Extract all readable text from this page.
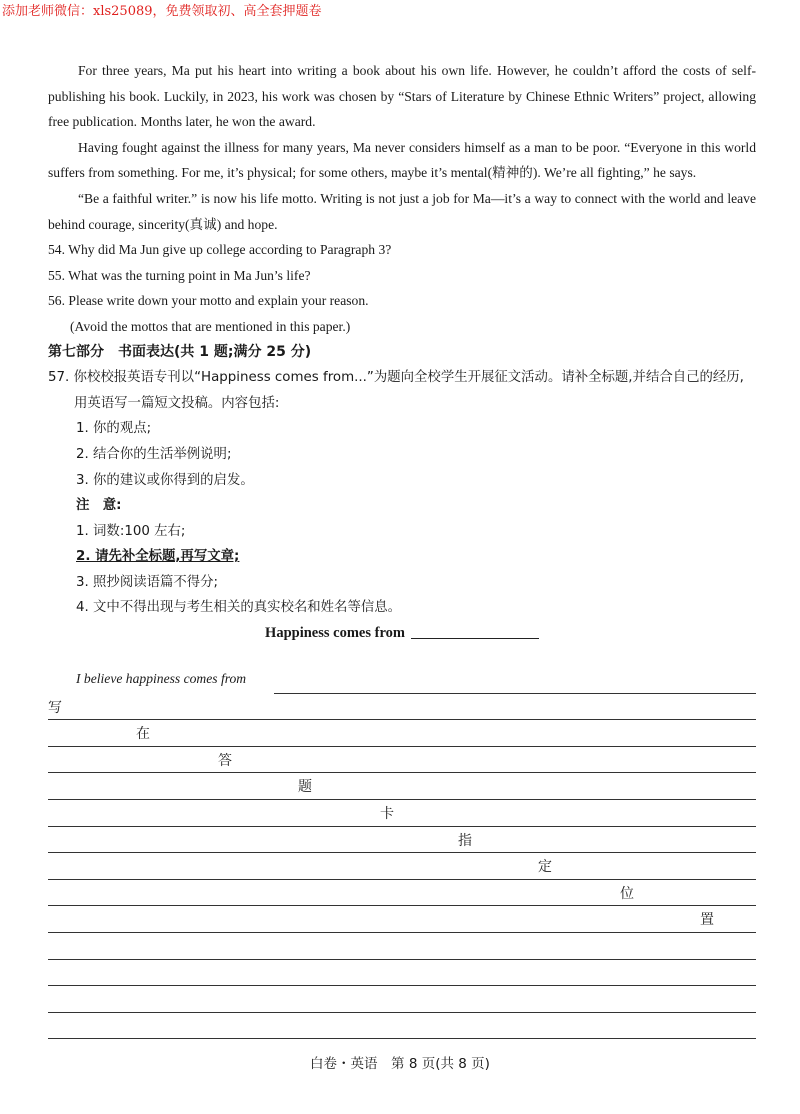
添加老师微信：xls25089，免费领取初、高全套押题卷

For three years, Ma put his heart into writing a book about his own life. However, he couldn’t afford the costs of self-publishing his book. Luckily, in 2023, his work was chosen by “Stars of Literature by Chinese Ethnic Writers” project, allowing free publication. Months later, he won the award.

Having fought against the illness for many years, Ma never considers himself as a man to be poor. “Everyone in this world suffers from something. For me, it’s physical; for some others, maybe it’s mental(精神的). We’re all fighting,” he says.

“Be a faithful writer.” is now his life motto. Writing is not just a job for Ma—it’s a way to connect with the world and leave behind courage, sincerity(真诚) and hope.

54. Why did Ma Jun give up college according to Paragraph 3?

55. What was the turning point in Ma Jun’s life?

56. Please write down your motto and explain your reason.

(Avoid the mottos that are mentioned in this paper.)

第七部分　书面表达(共 1 题;满分 25 分)

57. 你校校报英语专刊以“Happiness comes from...”为题向全校学生开展征文活动。请补全标题,并结合自己的经历,用英语写一篇短文投稿。内容包括:

1. 你的观点;

2. 结合你的生活举例说明;

3. 你的建议或你得到的启发。

注　意:

1. 词数:100 左右;

2. 请先补全标题,再写文章;

3. 照抄阅读语篇不得分;

4. 文中不得出现与考生相关的真实校名和姓名等信息。

Happiness comes from

I believe happiness comes from
写
在
答
题
卡
指
定
位
置
白卷・英语　第 8 页(共 8 页)
